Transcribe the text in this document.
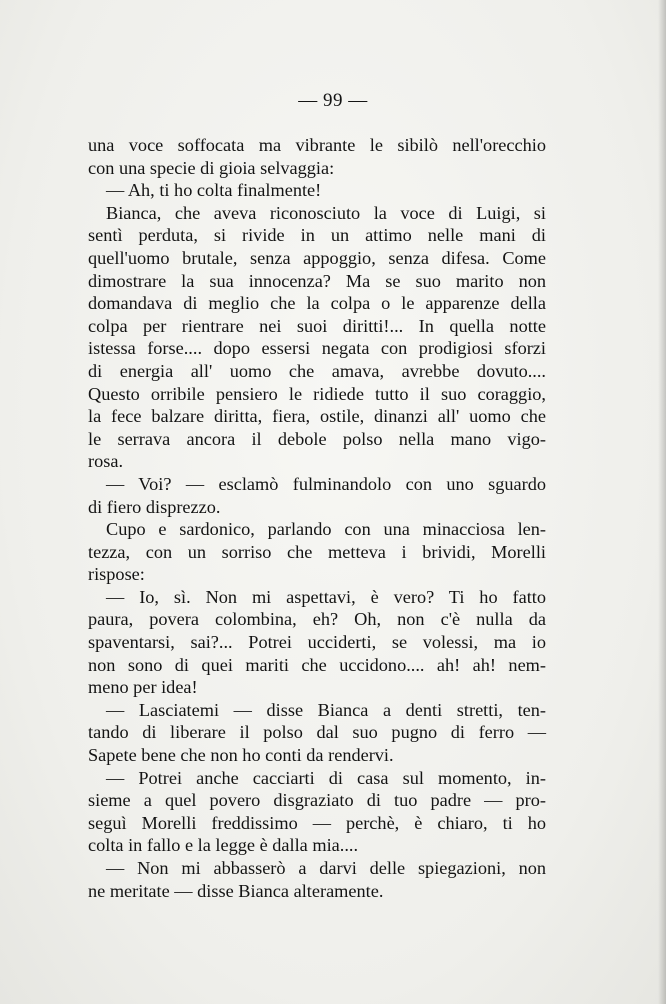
— 99 —
una voce soffocata ma vibrante le sibilò nell'orecchio
con una specie di gioia selvaggia:
— Ah, ti ho colta finalmente!
Bianca, che aveva riconosciuto la voce di Luigi, si
sentì perduta, si rivide in un attimo nelle mani di
quell'uomo brutale, senza appoggio, senza difesa. Come
dimostrare la sua innocenza? Ma se suo marito non
domandava di meglio che la colpa o le apparenze della
colpa per rientrare nei suoi diritti!... In quella notte
istessa forse.... dopo essersi negata con prodigiosi sforzi
di energia all' uomo che amava, avrebbe dovuto....
Questo orribile pensiero le ridiede tutto il suo coraggio,
la fece balzare diritta, fiera, ostile, dinanzi all' uomo che
le serrava ancora il debole polso nella mano vigo-
rosa.
— Voi? — esclamò fulminandolo con uno sguardo
di fiero disprezzo.
Cupo e sardonico, parlando con una minacciosa len-
tezza, con un sorriso che metteva i brividi, Morelli
rispose:
— Io, sì. Non mi aspettavi, è vero? Ti ho fatto
paura, povera colombina, eh? Oh, non c'è nulla da
spaventarsi, sai?... Potrei ucciderti, se volessi, ma io
non sono di quei mariti che uccidono.... ah! ah! nem-
meno per idea!
— Lasciatemi — disse Bianca a denti stretti, ten-
tando di liberare il polso dal suo pugno di ferro —
Sapete bene che non ho conti da rendervi.
— Potrei anche cacciarti di casa sul momento, in-
sieme a quel povero disgraziato di tuo padre — pro-
seguì Morelli freddissimo — perchè, è chiaro, ti ho
colta in fallo e la legge è dalla mia....
— Non mi abbasserò a darvi delle spiegazioni, non
ne meritate — disse Bianca alteramente.
